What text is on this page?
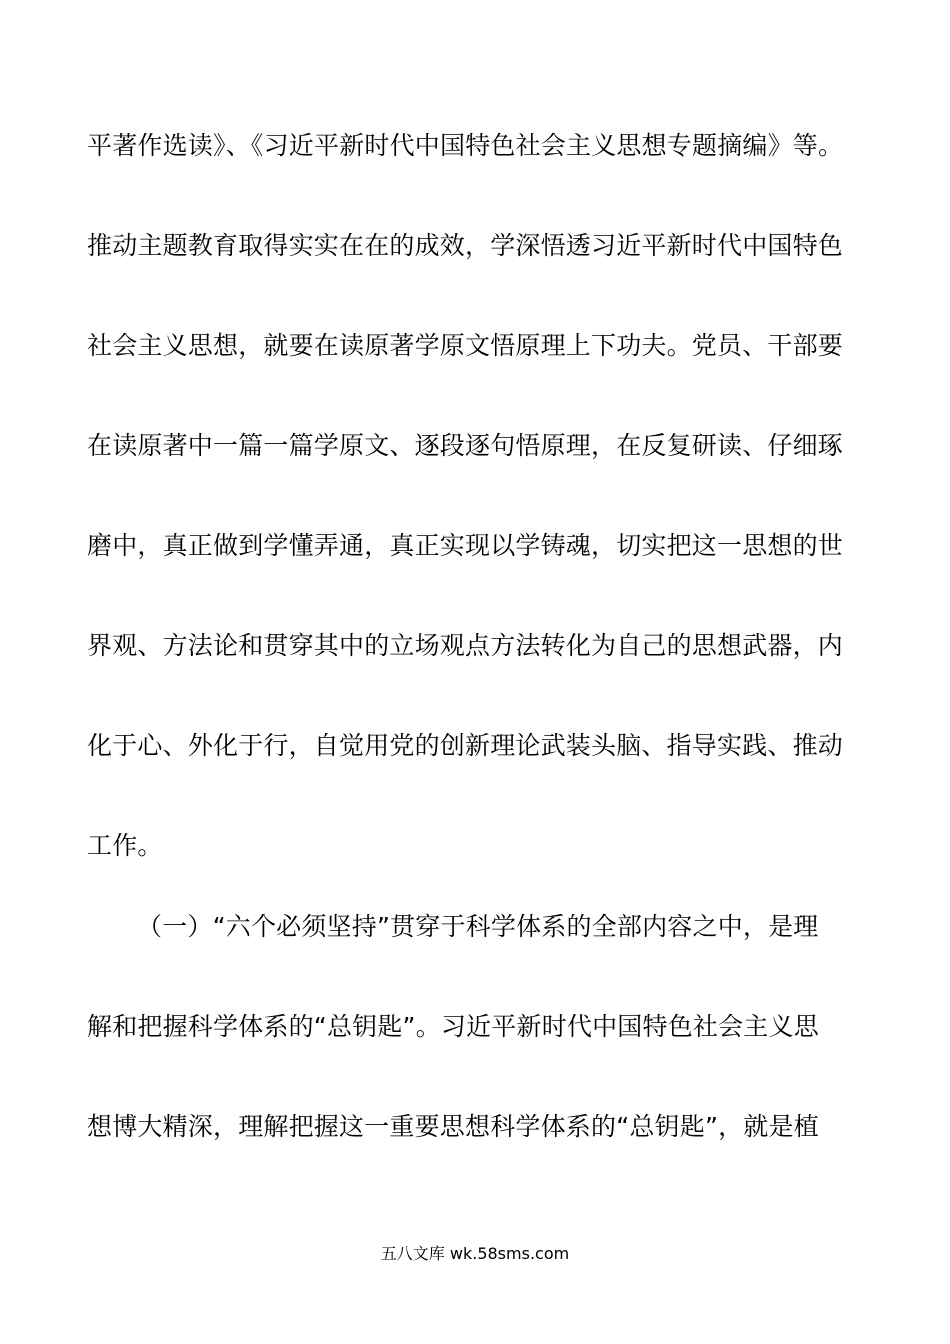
平著作选读》、《习近平新时代中国特色社会主义思想专题摘编》等。
推动主题教育取得实实在在的成效，学深悟透习近平新时代中国特色
社会主义思想，就要在读原著学原文悟原理上下功夫。党员、干部要
在读原著中一篇一篇学原文、逐段逐句悟原理，在反复研读、仔细琢
磨中，真正做到学懂弄通，真正实现以学铸魂，切实把这一思想的世
界观、方法论和贯穿其中的立场观点方法转化为自己的思想武器，内
化于心、外化于行，自觉用党的创新理论武装头脑、指导实践、推动
工作。
（一）“六个必须坚持”贯穿于科学体系的全部内容之中，是理
解和把握科学体系的“总钥匙”。习近平新时代中国特色社会主义思
想博大精深，理解把握这一重要思想科学体系的“总钥匙”，就是植
五八文库 wk.58sms.com
